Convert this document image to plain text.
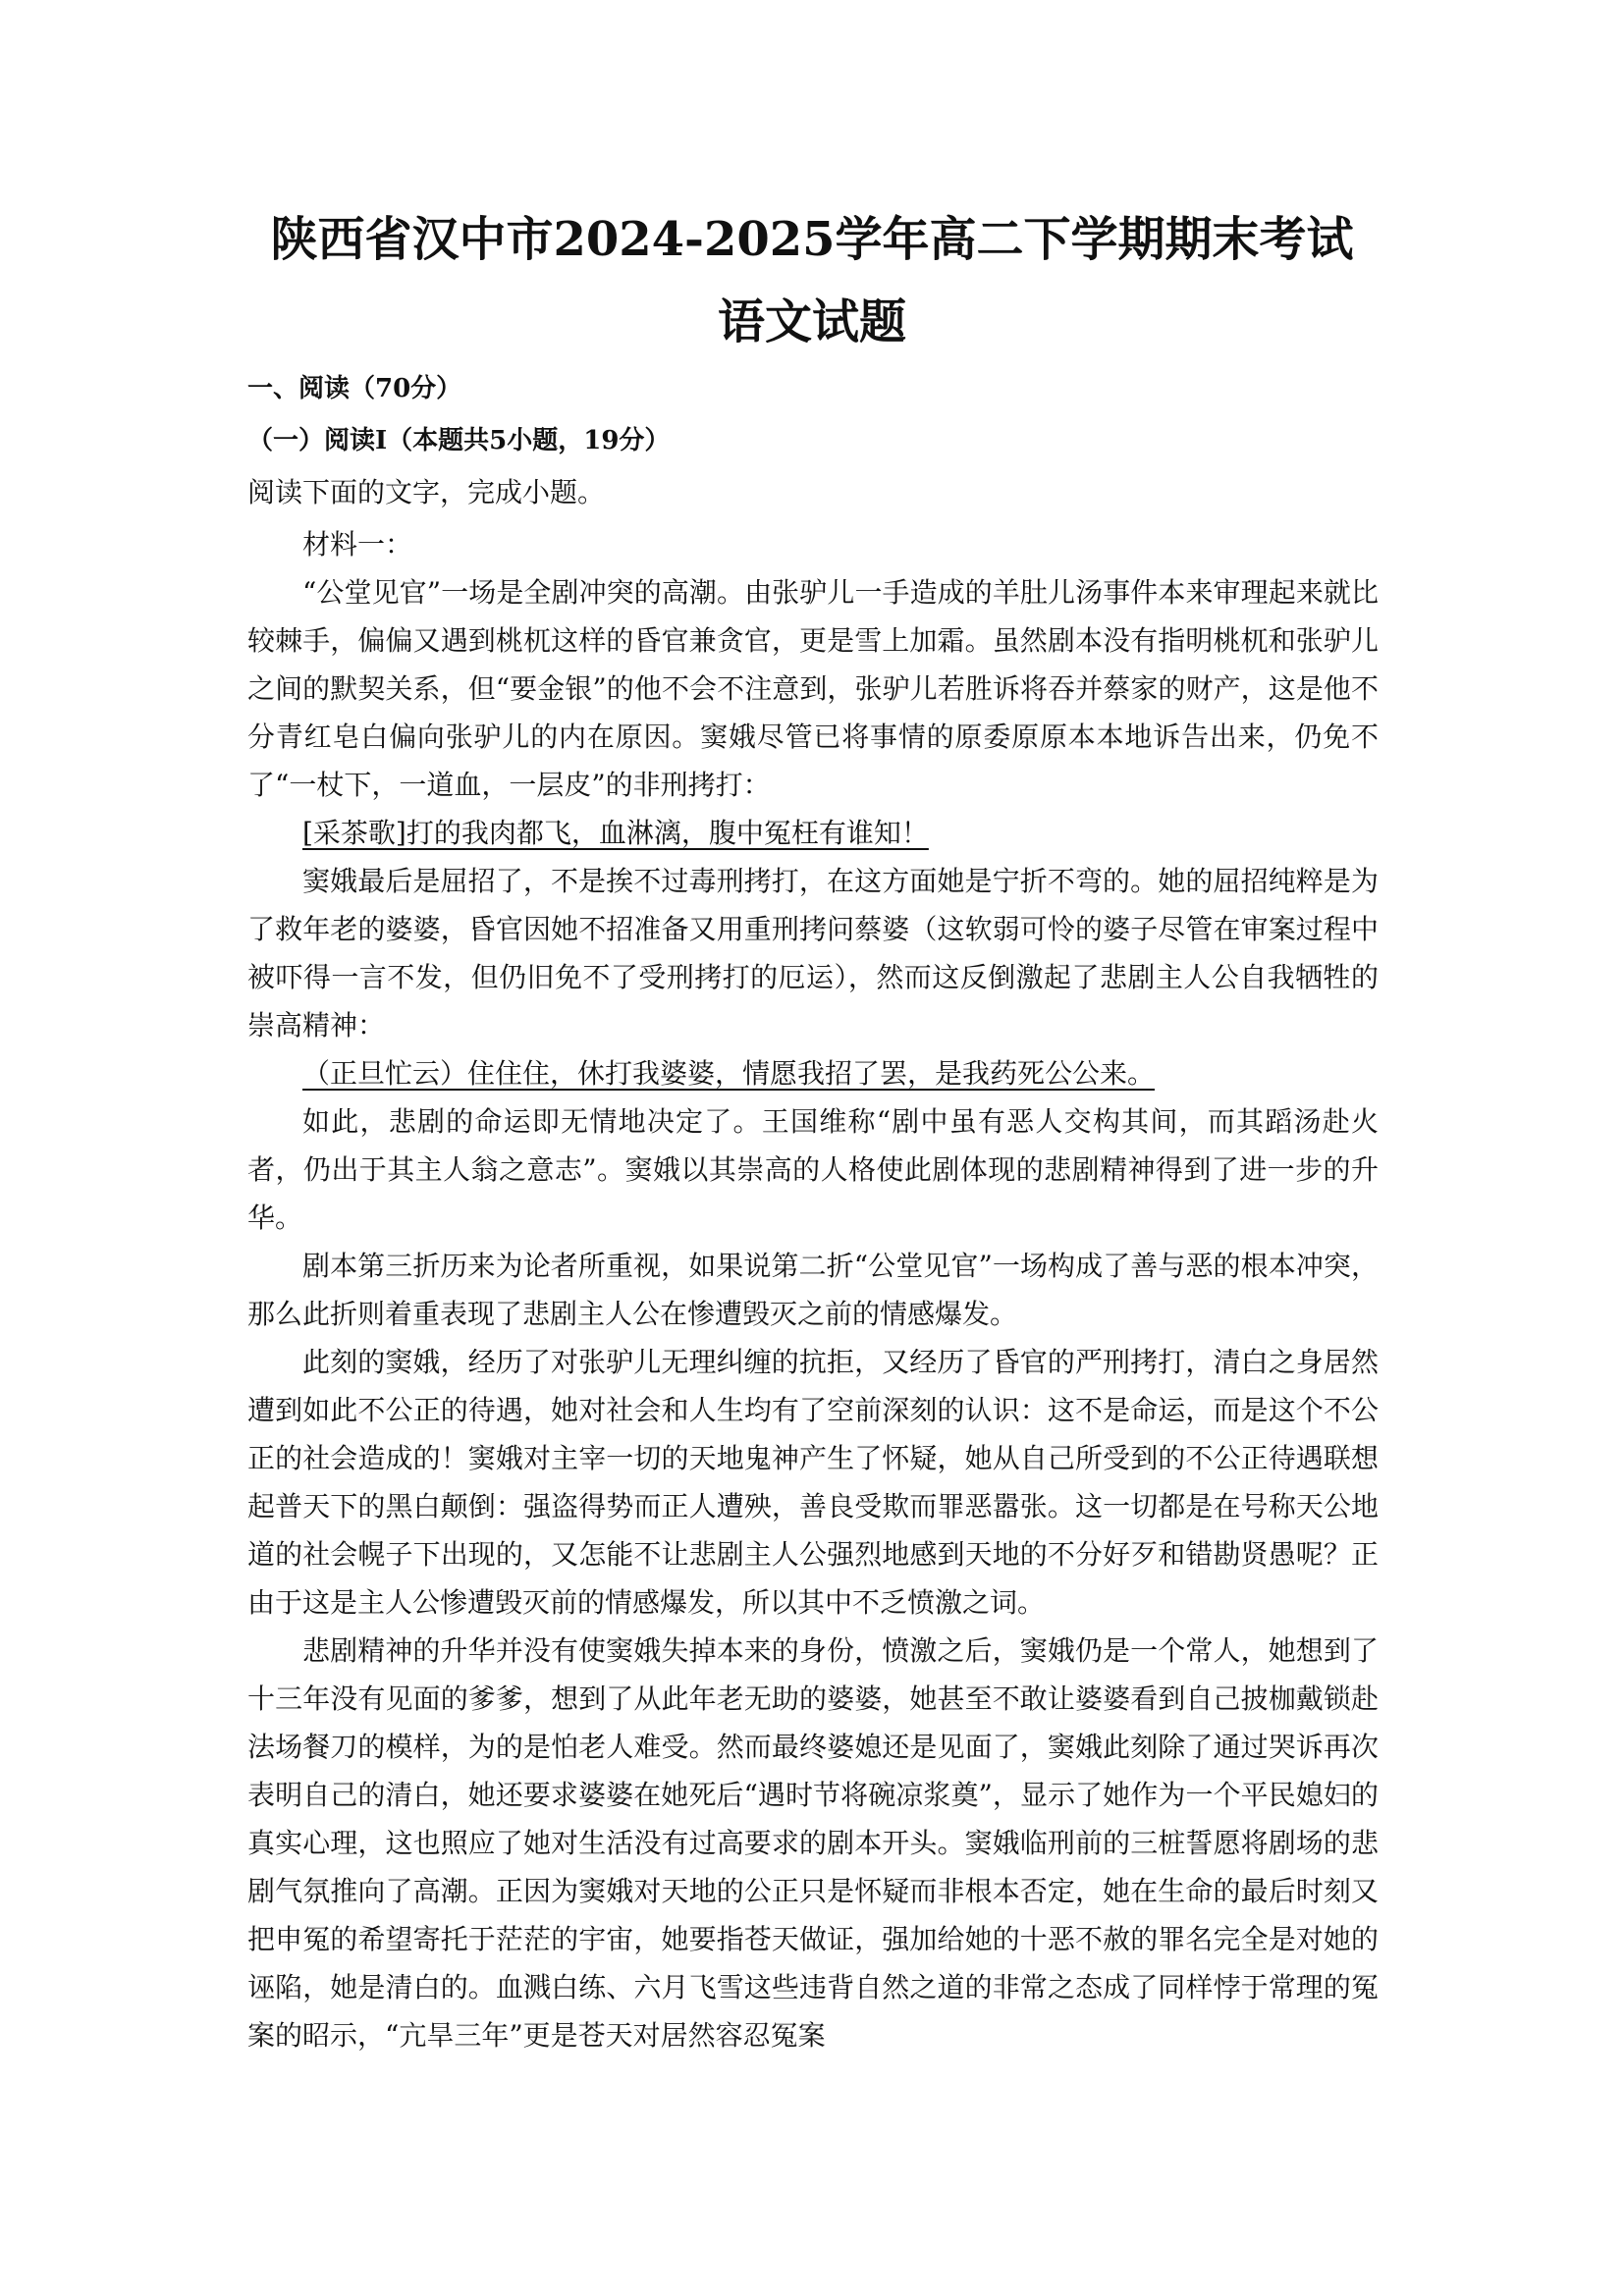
陕西省汉中市2024-2025学年高二下学期期末考试
语文试题
一、阅读（70分）
（一）阅读Ⅰ（本题共5小题，19分）

阅读下面的文字，完成小题。

材料一：

“公堂见官”一场是全剧冲突的高潮。由张驴儿一手造成的羊肚儿汤事件本来审理起来就比较棘手，偏偏又遇到桃杌这样的昏官兼贪官，更是雪上加霜。虽然剧本没有指明桃杌和张驴儿之间的默契关系，但“要金银”的他不会不注意到，张驴儿若胜诉将吞并蔡家的财产，这是他不分青红皂白偏向张驴儿的内在原因。窦娥尽管已将事情的原委原原本本地诉告出来，仍免不了“一杖下，一道血，一层皮”的非刑拷打：

[采茶歌]打的我肉都飞，血淋漓，腹中冤枉有谁知！

窦娥最后是屈招了，不是挨不过毒刑拷打，在这方面她是宁折不弯的。她的屈招纯粹是为了救年老的婆婆，昏官因她不招准备又用重刑拷问蔡婆（这软弱可怜的婆子尽管在审案过程中被吓得一言不发，但仍旧免不了受刑拷打的厄运），然而这反倒激起了悲剧主人公自我牺牲的崇高精神：

（正旦忙云）住住住，休打我婆婆，情愿我招了罢，是我药死公公来。

如此，悲剧的命运即无情地决定了。王国维称“剧中虽有恶人交构其间，而其蹈汤赴火者，仍出于其主人翁之意志”。窦娥以其崇高的人格使此剧体现的悲剧精神得到了进一步的升华。

剧本第三折历来为论者所重视，如果说第二折“公堂见官”一场构成了善与恶的根本冲突，那么此折则着重表现了悲剧主人公在惨遭毁灭之前的情感爆发。

此刻的窦娥，经历了对张驴儿无理纠缠的抗拒，又经历了昏官的严刑拷打，清白之身居然遭到如此不公正的待遇，她对社会和人生均有了空前深刻的认识：这不是命运，而是这个不公正的社会造成的！窦娥对主宰一切的天地鬼神产生了怀疑，她从自己所受到的不公正待遇联想起普天下的黑白颠倒：强盗得势而正人遭殃，善良受欺而罪恶嚣张。这一切都是在号称天公地道的社会幌子下出现的，又怎能不让悲剧主人公强烈地感到天地的不分好歹和错勘贤愚呢？正由于这是主人公惨遭毁灭前的情感爆发，所以其中不乏愤激之词。

悲剧精神的升华并没有使窦娥失掉本来的身份，愤激之后，窦娥仍是一个常人，她想到了十三年没有见面的爹爹，想到了从此年老无助的婆婆，她甚至不敢让婆婆看到自己披枷戴锁赴法场餐刀的模样，为的是怕老人难受。然而最终婆媳还是见面了，窦娥此刻除了通过哭诉再次表明自己的清白，她还要求婆婆在她死后“遇时节将碗凉浆奠”，显示了她作为一个平民媳妇的真实心理，这也照应了她对生活没有过高要求的剧本开头。窦娥临刑前的三桩誓愿将剧场的悲剧气氛推向了高潮。正因为窦娥对天地的公正只是怀疑而非根本否定，她在生命的最后时刻又把申冤的希望寄托于茫茫的宇宙，她要指苍天做证，强加给她的十恶不赦的罪名完全是对她的诬陷，她是清白的。血溅白练、六月飞雪这些违背自然之道的非常之态成了同样悖于常理的冤案的昭示，“亢旱三年”更是苍天对居然容忍冤案
